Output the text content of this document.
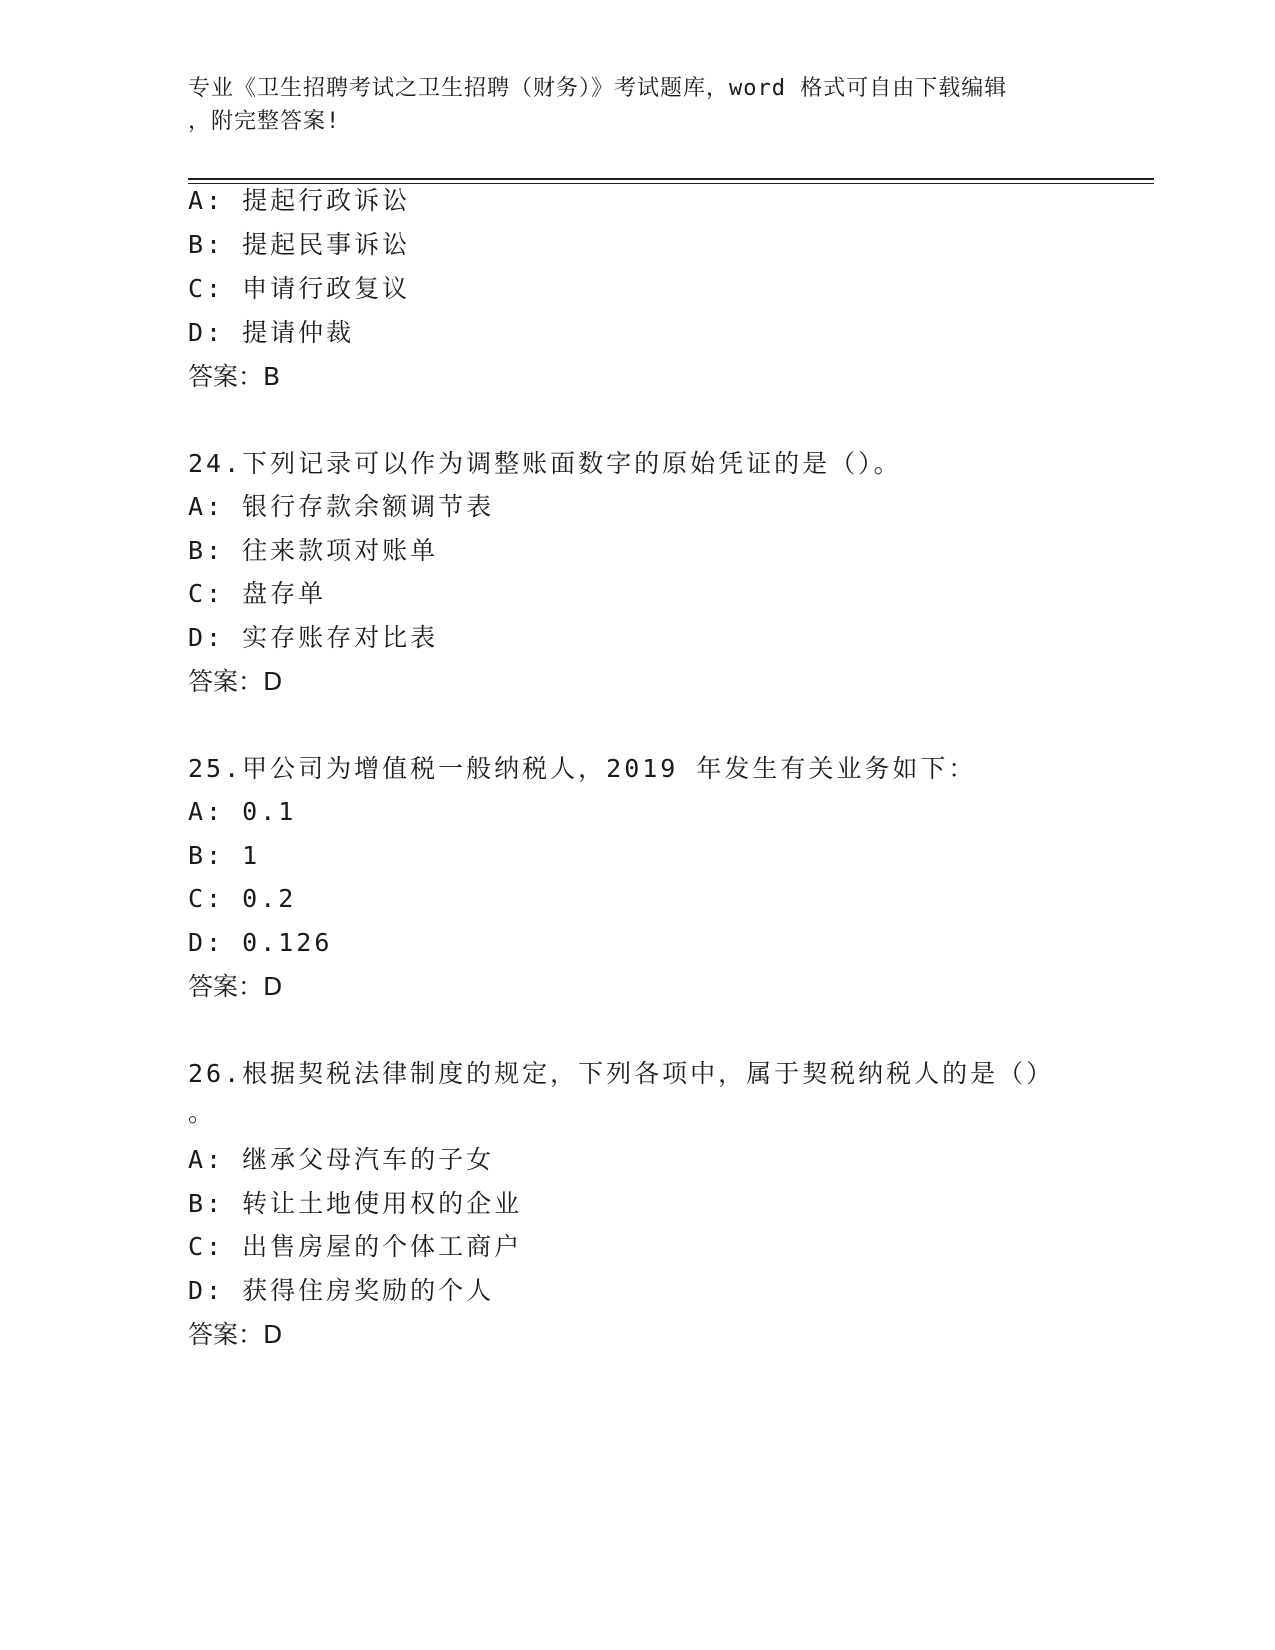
专业《卫生招聘考试之卫生招聘（财务）》考试题库，word 格式可自由下载编辑
，附完整答案!
A: 提起行政诉讼
B: 提起民事诉讼
C: 申请行政复议
D: 提请仲裁
答案：B
24.下列记录可以作为调整账面数字的原始凭证的是（）。
A: 银行存款余额调节表
B: 往来款项对账单
C: 盘存单
D: 实存账存对比表
答案：D
25.甲公司为增值税一般纳税人，2019 年发生有关业务如下：
A: 0.1
B: 1
C: 0.2
D: 0.126
答案：D
26.根据契税法律制度的规定，下列各项中，属于契税纳税人的是（）
。
A: 继承父母汽车的子女
B: 转让土地使用权的企业
C: 出售房屋的个体工商户
D: 获得住房奖励的个人
答案：D
